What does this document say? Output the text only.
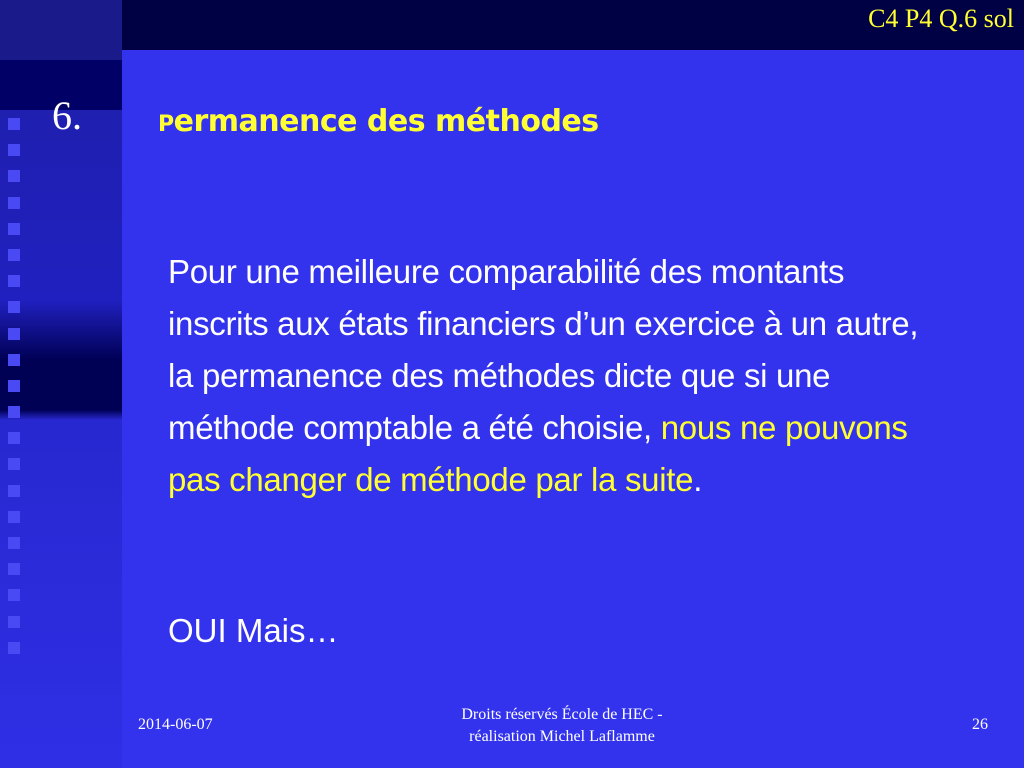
C4 P4 Q.6 sol
6.	Permanence des méthodes
Pour une meilleure comparabilité des montants inscrits aux états financiers d’un exercice à un autre, la permanence des méthodes dicte que si une méthode comptable a été choisie, nous ne pouvons pas changer de méthode par la suite.
OUI Mais…
2014-06-07
Droits réservés École de HEC -
réalisation Michel Laflamme
26
